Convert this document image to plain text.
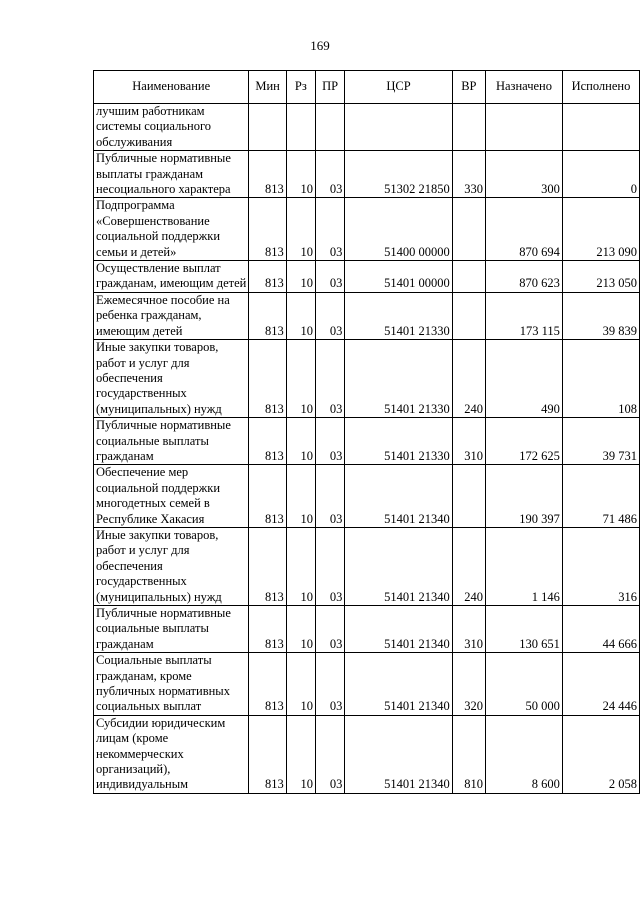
169
Наименование	Мин	Рз	ПР	ЦСР	ВР	Назначено	Исполнено
лучшим работникам системы социального обслуживания							
Публичные нормативные выплаты гражданам несоциального характера	813	10	03	51302 21850	330	300	0
Подпрограмма «Совершенствование социальной поддержки семьи и детей»	813	10	03	51400 00000		870 694	213 090
Осуществление выплат гражданам, имеющим детей	813	10	03	51401 00000		870 623	213 050
Ежемесячное пособие на ребенка гражданам, имеющим детей	813	10	03	51401 21330		173 115	39 839
Иные закупки товаров, работ и услуг для обеспечения государственных (муниципальных) нужд	813	10	03	51401 21330	240	490	108
Публичные нормативные социальные выплаты гражданам	813	10	03	51401 21330	310	172 625	39 731
Обеспечение мер социальной поддержки многодетных семей в Республике Хакасия	813	10	03	51401 21340		190 397	71 486
Иные закупки товаров, работ и услуг для обеспечения государственных (муниципальных) нужд	813	10	03	51401 21340	240	1 146	316
Публичные нормативные социальные выплаты гражданам	813	10	03	51401 21340	310	130 651	44 666
Социальные выплаты гражданам, кроме публичных нормативных социальных выплат	813	10	03	51401 21340	320	50 000	24 446
Субсидии юридическим лицам (кроме некоммерческих организаций), индивидуальным	813	10	03	51401 21340	810	8 600	2 058
